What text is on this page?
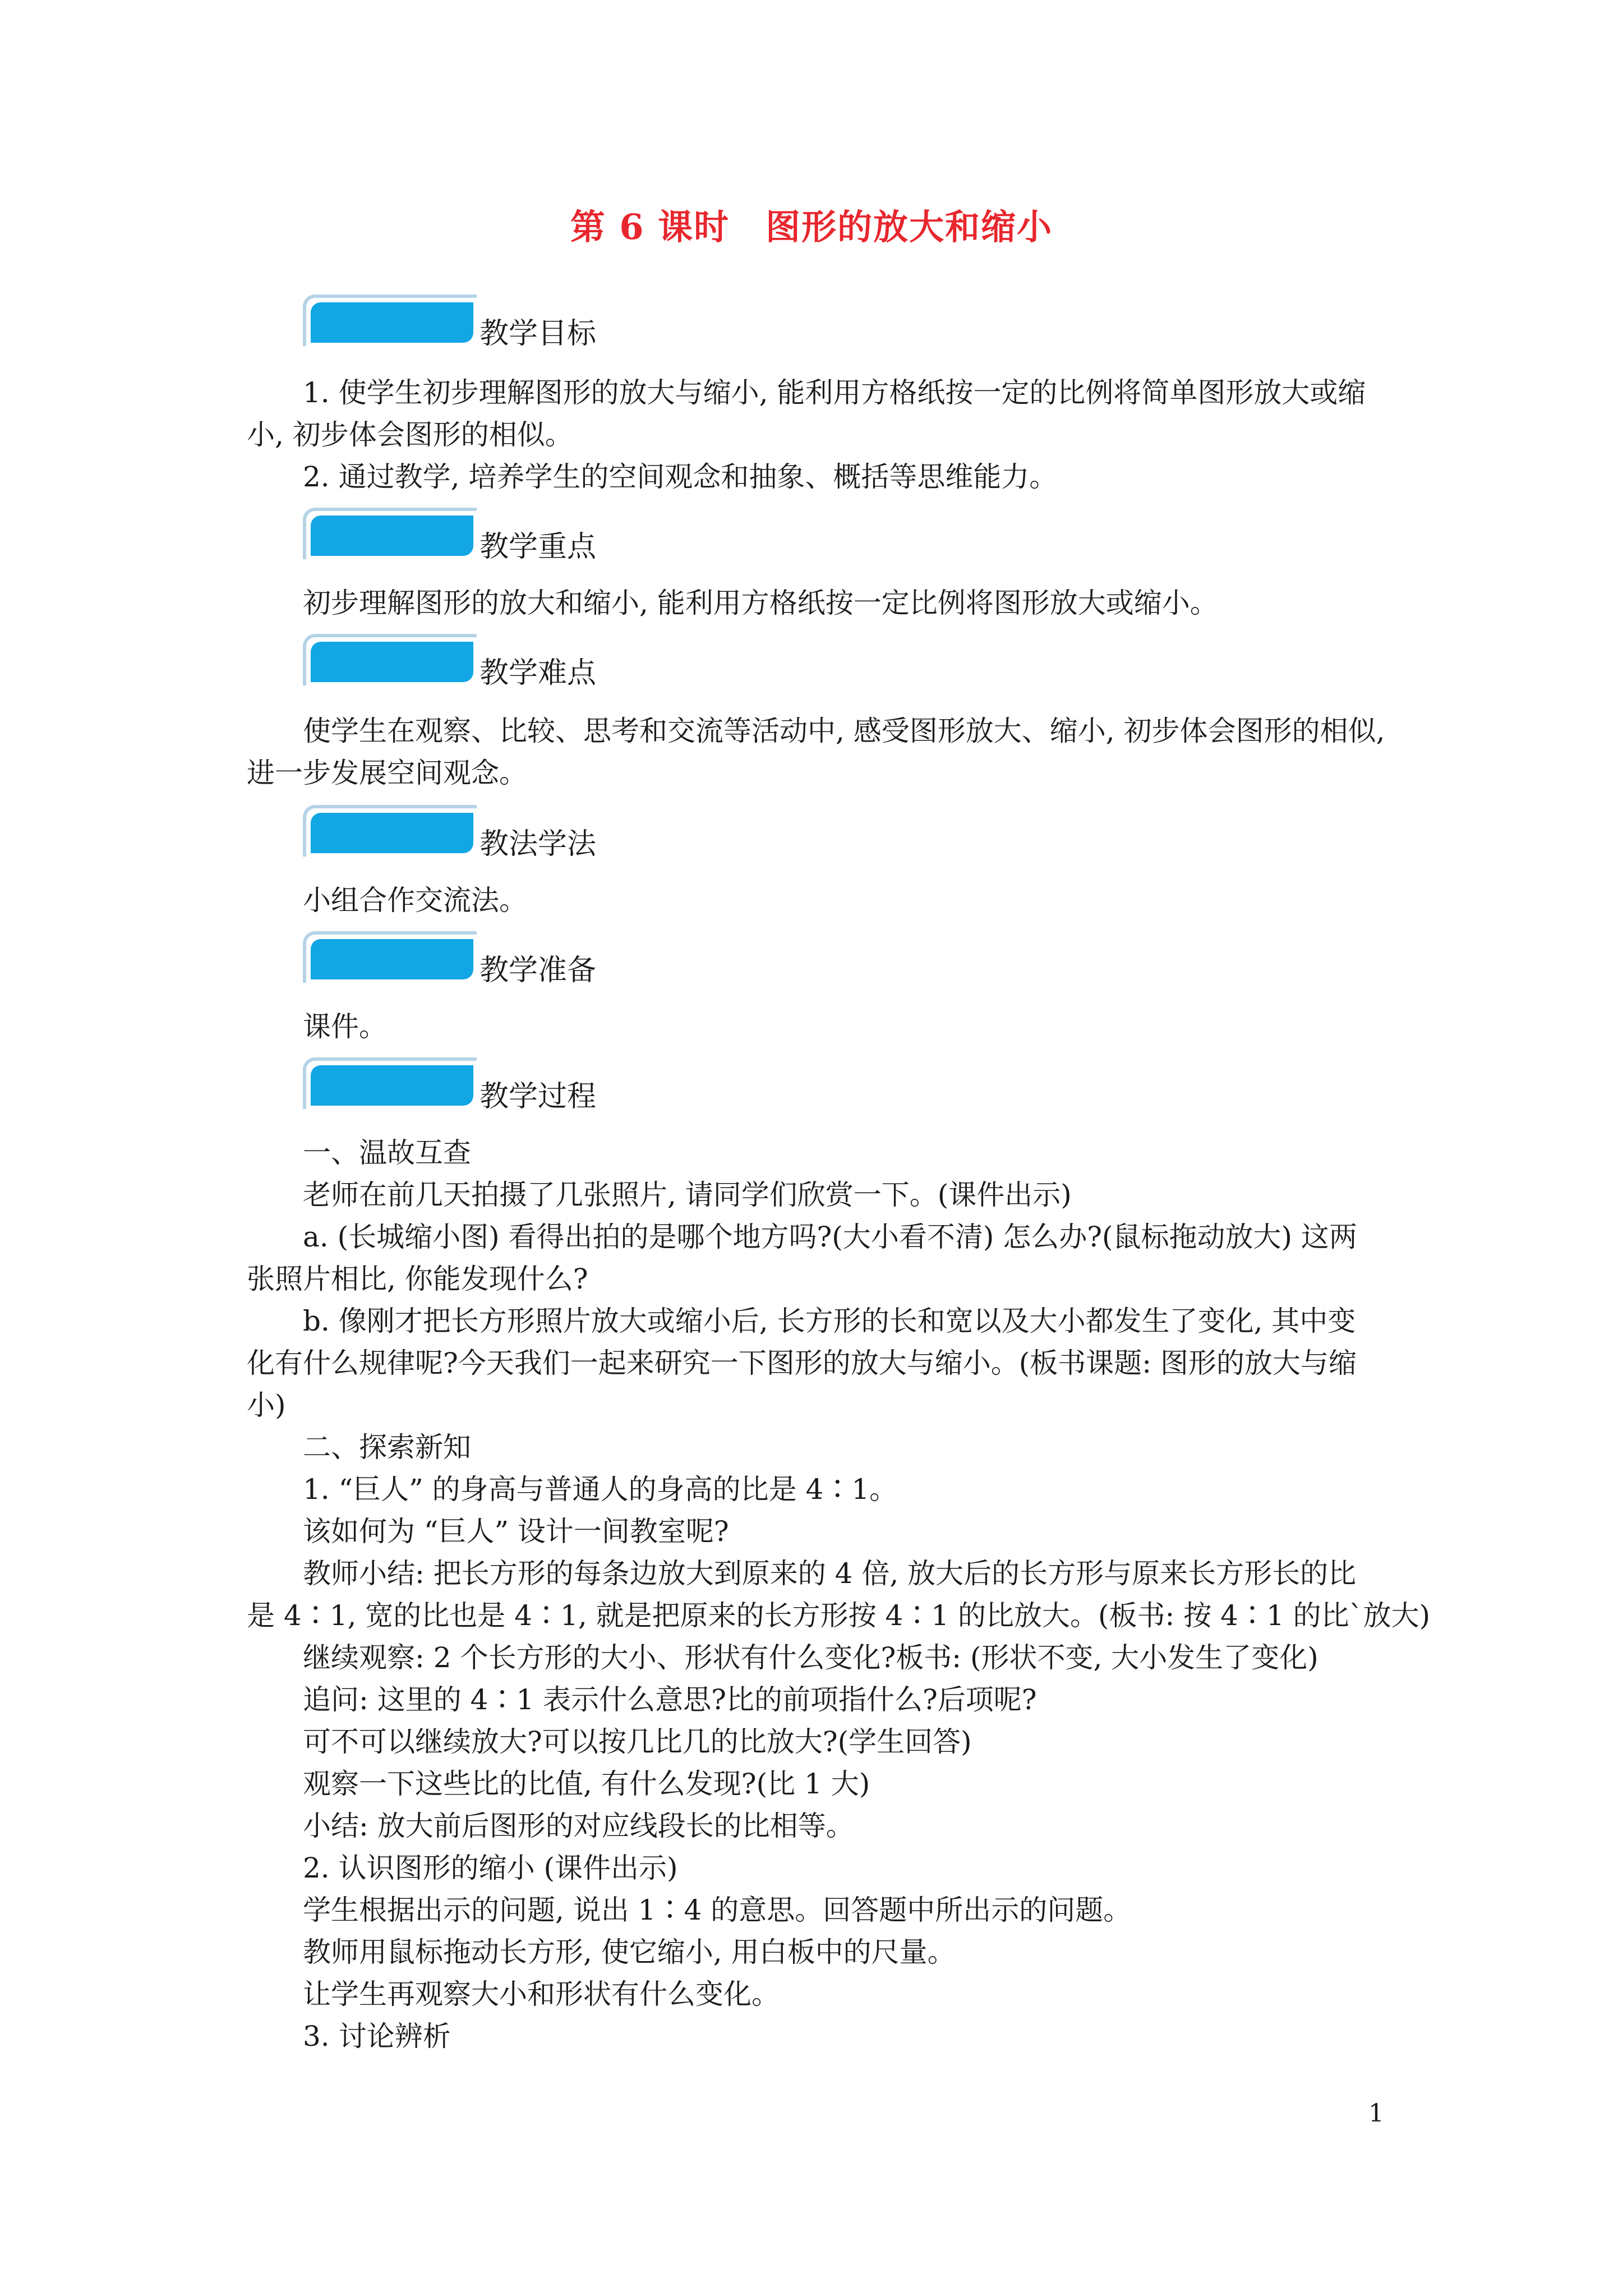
第 6 课时　图形的放大和缩小
教学目标
1. 使学生初步理解图形的放大与缩小, 能利用方格纸按一定的比例将简单图形放大或缩
小, 初步体会图形的相似。
2. 通过教学, 培养学生的空间观念和抽象、概括等思维能力。
教学重点
初步理解图形的放大和缩小, 能利用方格纸按一定比例将图形放大或缩小。
教学难点
使学生在观察、比较、思考和交流等活动中, 感受图形放大、缩小, 初步体会图形的相似,
进一步发展空间观念。
教法学法
小组合作交流法。
教学准备
课件。
教学过程
一、温故互查
老师在前几天拍摄了几张照片, 请同学们欣赏一下。(课件出示)
a. (长城缩小图) 看得出拍的是哪个地方吗?(大小看不清) 怎么办?(鼠标拖动放大) 这两
张照片相比, 你能发现什么?
b. 像刚才把长方形照片放大或缩小后, 长方形的长和宽以及大小都发生了变化, 其中变
化有什么规律呢?今天我们一起来研究一下图形的放大与缩小。(板书课题: 图形的放大与缩
小)
二、探索新知
1. “巨人” 的身高与普通人的身高的比是 4∶1。
该如何为 “巨人” 设计一间教室呢?
教师小结: 把长方形的每条边放大到原来的 4 倍, 放大后的长方形与原来长方形长的比
是 4∶1, 宽的比也是 4∶1, 就是把原来的长方形按 4∶1 的比放大。(板书: 按 4∶1 的比`放大)
继续观察: 2 个长方形的大小、形状有什么变化?板书: (形状不变, 大小发生了变化)
追问: 这里的 4∶1 表示什么意思?比的前项指什么?后项呢?
可不可以继续放大?可以按几比几的比放大?(学生回答)
观察一下这些比的比值, 有什么发现?(比 1 大)
小结: 放大前后图形的对应线段长的比相等。
2. 认识图形的缩小 (课件出示)
学生根据出示的问题, 说出 1∶4 的意思。回答题中所出示的问题。
教师用鼠标拖动长方形, 使它缩小, 用白板中的尺量。
让学生再观察大小和形状有什么变化。
3. 讨论辨析
1
